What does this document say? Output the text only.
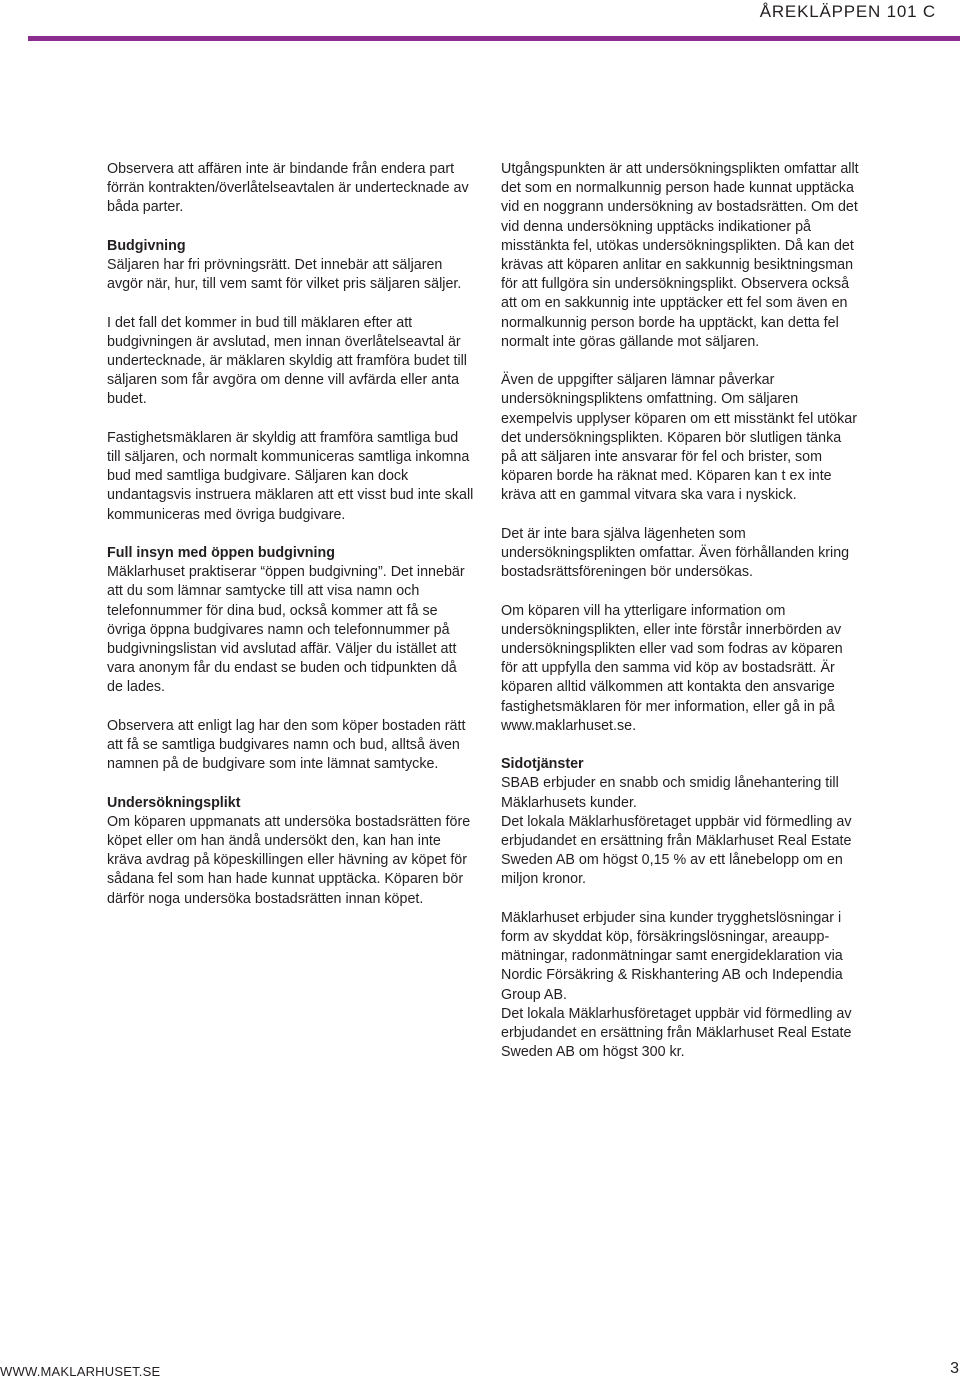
ÅREKLÄPPEN 101 C

Observera att affären inte är bindande från endera part förrän kontrakten/överlåtelseavtalen är undertecknade av båda parter.

Budgivning
Säljaren har fri prövningsrätt. Det innebär att säljaren avgör när, hur, till vem samt för vilket pris säljaren säljer.

I det fall det kommer in bud till mäklaren efter att budgivningen är avslutad, men innan överlåtelseavtal är undertecknade, är mäklaren skyldig att framföra budet till säljaren som får avgöra om denne vill avfärda eller anta budet.

Fastighetsmäklaren är skyldig att framföra samtliga bud till säljaren, och normalt kommuniceras samtliga inkomna bud med samtliga budgivare. Säljaren kan dock undantagsvis instruera mäklaren att ett visst bud inte skall kommuniceras med övriga budgivare.

Full insyn med öppen budgivning
Mäklarhuset praktiserar “öppen budgivning”. Det innebär att du som lämnar samtycke till att visa namn och telefonnummer för dina bud, också kommer att få se övriga öppna budgivares namn och telefonnummer på budgivningslistan vid avslutad affär. Väljer du istället att vara anonym får du endast se buden och tidpunkten då de lades.

Observera att enligt lag har den som köper bostaden rätt att få se samtliga budgivares namn och bud, alltså även namnen på de budgivare som inte lämnat samtycke.

Undersökningsplikt
Om köparen uppmanats att undersöka bostadsrätten före köpet eller om han ändå undersökt den, kan han inte kräva avdrag på köpeskillingen eller hävning av köpet för sådana fel som han hade kunnat upptäcka. Köparen bör därför noga undersöka bostadsrätten innan köpet.

Utgångspunkten är att undersökningsplikten omfattar allt det som en normalkunnig person hade kunnat upptäcka vid en noggrann undersökning av bostadsrätten. Om det vid denna undersökning upptäcks indikationer på misstänkta fel, utökas undersökningsplikten. Då kan det krävas att köparen anlitar en sakkunnig besiktningsman för att fullgöra sin undersökningsplikt. Observera också att om en sakkunnig inte upptäcker ett fel som även en normalkunnig person borde ha upptäckt, kan detta fel normalt inte göras gällande mot säljaren.

Även de uppgifter säljaren lämnar påverkar undersökningspliktens omfattning. Om säljaren exempelvis upplyser köparen om ett misstänkt fel utökar det undersökningsplikten. Köparen bör slutligen tänka på att säljaren inte ansvarar för fel och brister, som köparen borde ha räknat med. Köparen kan t ex inte kräva att en gammal vitvara ska vara i nyskick.

Det är inte bara själva lägenheten som undersökningsplikten omfattar. Även förhållanden kring bostadsrättsföreningen bör undersökas.

Om köparen vill ha ytterligare information om undersökningsplikten, eller inte förstår innerbörden av undersökningsplikten eller vad som fodras av köparen för att uppfylla den samma vid köp av bostadsrätt. Är köparen alltid välkommen att kontakta den ansvarige fastighetsmäklaren för mer information, eller gå in på www.maklarhuset.se.

Sidotjänster
SBAB erbjuder en snabb och smidig lånehantering till Mäklarhusets kunder.
Det lokala Mäklarhusföretaget uppbär vid förmedling av erbjudandet en ersättning från Mäklarhuset Real Estate Sweden AB om högst 0,15 % av ett lånebelopp om en miljon kronor.

Mäklarhuset erbjuder sina kunder trygghetslösningar i form av skyddat köp, försäkringslösningar, areauppmätningar, radonmätningar samt energideklaration via Nordic Försäkring & Riskhantering AB och Independia Group AB.
Det lokala Mäklarhusföretaget uppbär vid förmedling av erbjudandet en ersättning från Mäklarhuset Real Estate Sweden AB om högst 300 kr.

WWW.MAKLARHUSET.SE	3
